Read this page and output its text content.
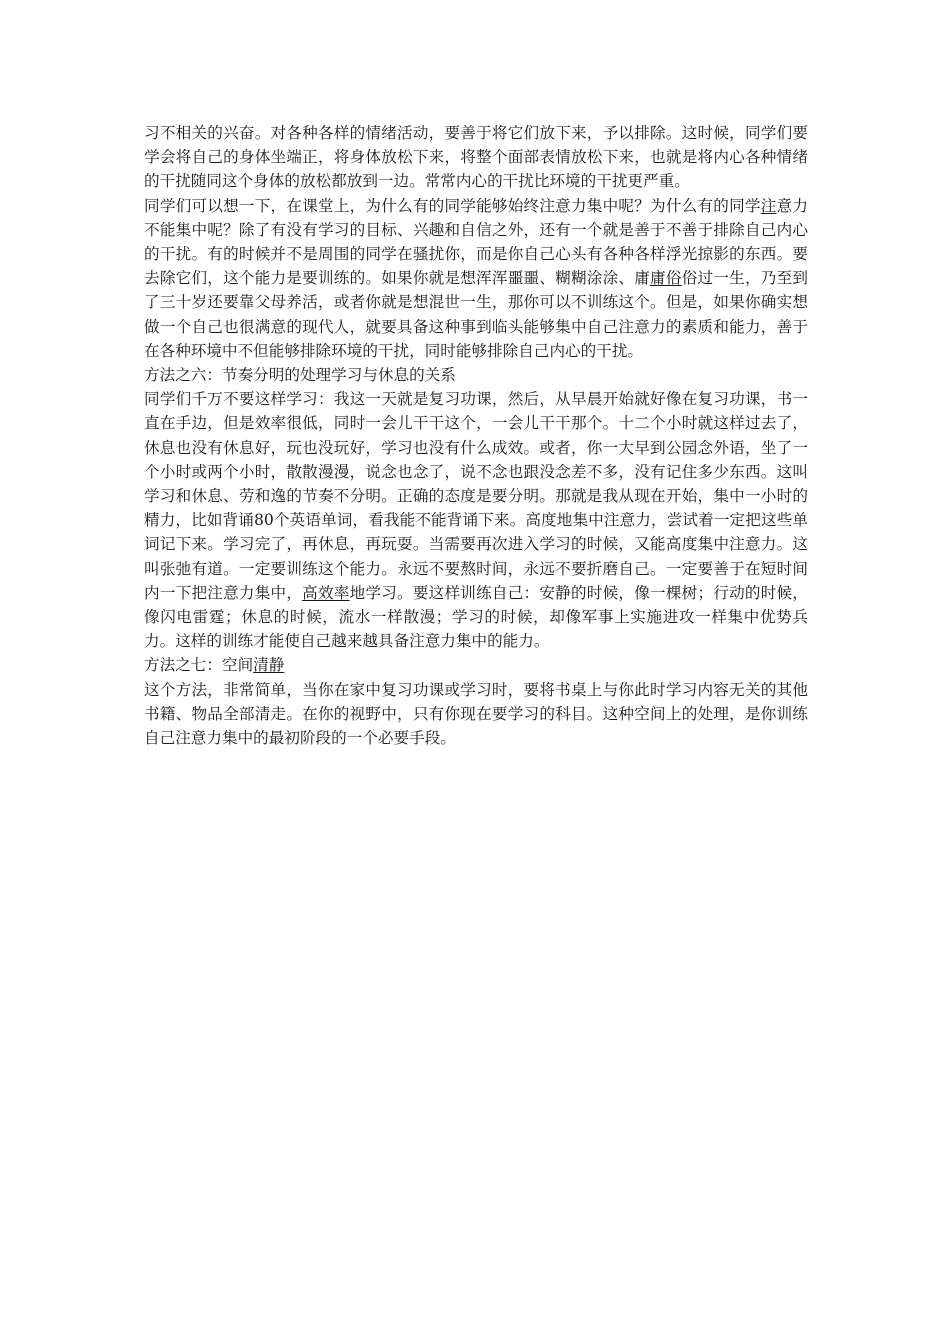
习不相关的兴奋。对各种各样的情绪活动，要善于将它们放下来，予以排除。这时候，同学们要学会将自己的身体坐端正，将身体放松下来，将整个面部表情放松下来，也就是将内心各种情绪的干扰随同这个身体的放松都放到一边。常常内心的干扰比环境的干扰更严重。

同学们可以想一下，在课堂上，为什么有的同学能够始终注意力集中呢？为什么有的同学注意力不能集中呢？除了有没有学习的目标、兴趣和自信之外，还有一个就是善于不善于排除自己内心的干扰。有的时候并不是周围的同学在骚扰你，而是你自己心头有各种各样浮光掠影的东西。要去除它们，这个能力是要训练的。如果你就是想浑浑噩噩、糊糊涂涂、庸庸俗俗过一生，乃至到了三十岁还要靠父母养活，或者你就是想混世一生，那你可以不训练这个。但是，如果你确实想做一个自己也很满意的现代人，就要具备这种事到临头能够集中自己注意力的素质和能力，善于在各种环境中不但能够排除环境的干扰，同时能够排除自己内心的干扰。

方法之六：节奏分明的处理学习与休息的关系

同学们千万不要这样学习：我这一天就是复习功课，然后，从早晨开始就好像在复习功课，书一直在手边，但是效率很低，同时一会儿干干这个，一会儿干干那个。十二个小时就这样过去了，休息也没有休息好，玩也没玩好，学习也没有什么成效。或者，你一大早到公园念外语，坐了一个小时或两个小时，散散漫漫，说念也念了，说不念也跟没念差不多，没有记住多少东西。这叫学习和休息、劳和逸的节奏不分明。正确的态度是要分明。那就是我从现在开始，集中一小时的精力，比如背诵80个英语单词，看我能不能背诵下来。高度地集中注意力，尝试着一定把这些单词记下来。学习完了，再休息，再玩耍。当需要再次进入学习的时候，又能高度集中注意力。这叫张弛有道。一定要训练这个能力。永远不要熬时间，永远不要折磨自己。一定要善于在短时间内一下把注意力集中，高效率地学习。要这样训练自己：安静的时候，像一棵树；行动的时候，像闪电雷霆；休息的时候，流水一样散漫；学习的时候，却像军事上实施进攻一样集中优势兵力。这样的训练才能使自己越来越具备注意力集中的能力。

方法之七：空间清静

这个方法，非常简单，当你在家中复习功课或学习时，要将书桌上与你此时学习内容无关的其他书籍、物品全部清走。在你的视野中，只有你现在要学习的科目。这种空间上的处理，是你训练自己注意力集中的最初阶段的一个必要手段。
